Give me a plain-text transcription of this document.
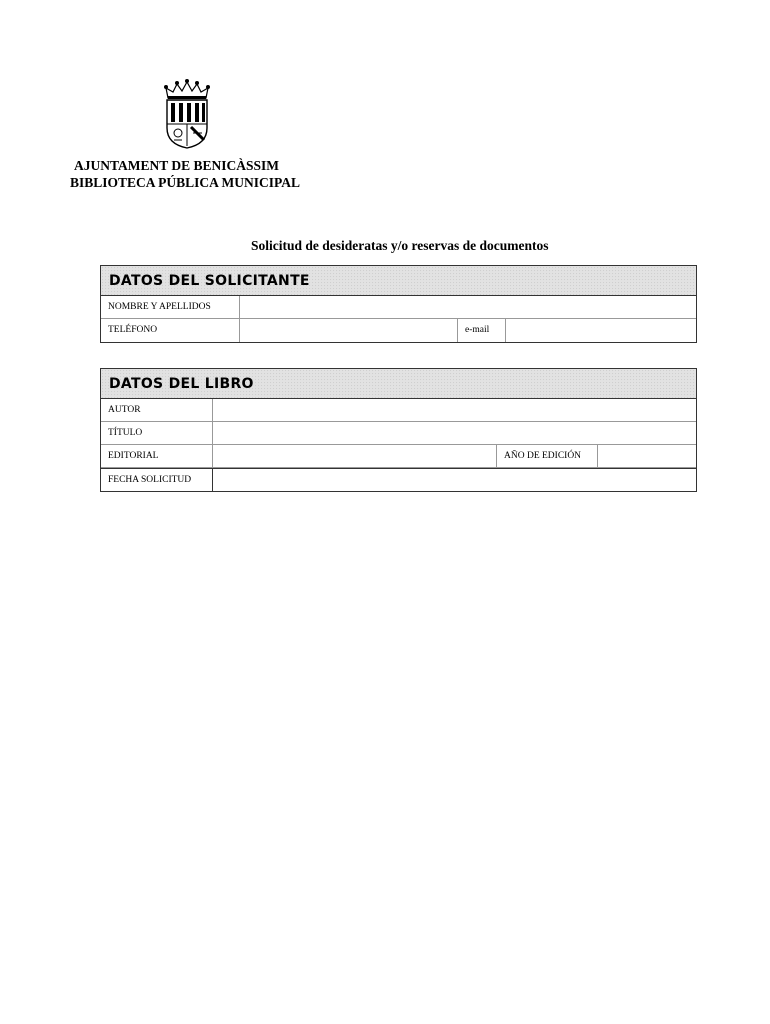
AJUNTAMENT DE BENICÀSSIM
BIBLIOTECA PÚBLICA MUNICIPAL
Solicitud de desideratas y/o reservas de documentos
DATOS DEL SOLICITANTE
NOMBRE Y APELLIDOS
TELÉFONO	e-mail
DATOS DEL LIBRO
AUTOR
TÍTULO
EDITORIAL	AÑO DE EDICIÓN
FECHA SOLICITUD
